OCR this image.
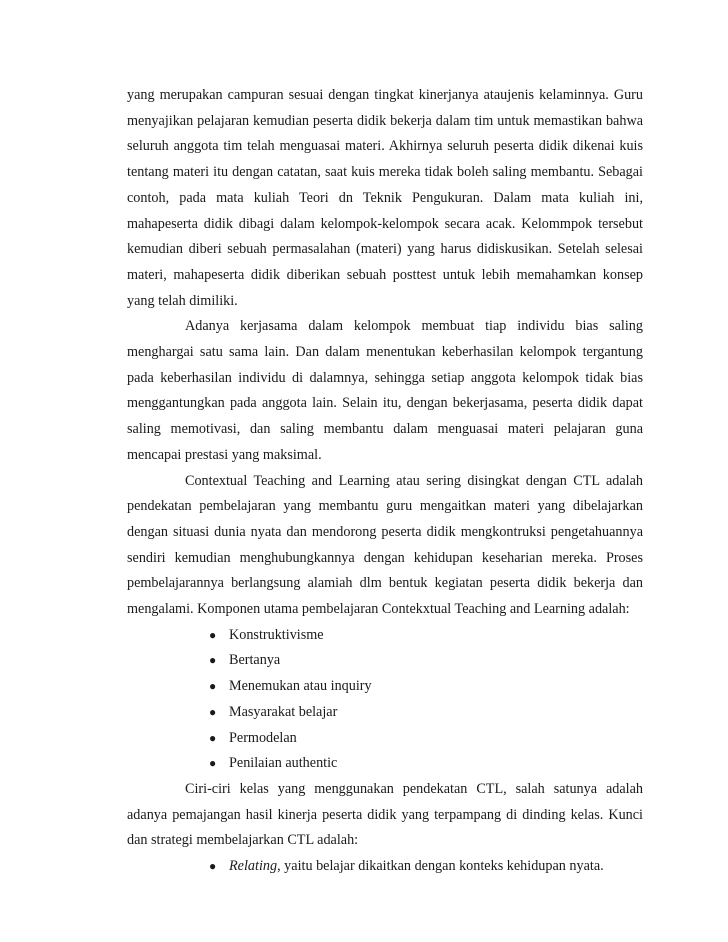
yang merupakan campuran sesuai dengan tingkat kinerjanya ataujenis kelaminnya. Guru menyajikan pelajaran kemudian peserta didik bekerja dalam tim untuk memastikan bahwa seluruh anggota tim telah menguasai materi. Akhirnya seluruh peserta didik dikenai kuis tentang materi itu dengan catatan, saat kuis mereka tidak boleh saling membantu. Sebagai contoh, pada mata kuliah Teori dn Teknik Pengukuran. Dalam mata kuliah ini, mahapeserta didik dibagi dalam kelompok-kelompok secara acak. Kelommpok tersebut kemudian diberi sebuah permasalahan (materi) yang harus didiskusikan. Setelah selesai materi, mahapeserta didik diberikan sebuah posttest untuk lebih memahamkan konsep yang telah dimiliki.

Adanya kerjasama dalam kelompok membuat tiap individu bias saling menghargai satu sama lain. Dan dalam menentukan keberhasilan kelompok tergantung pada keberhasilan individu di dalamnya, sehingga setiap anggota kelompok tidak bias menggantungkan pada anggota lain. Selain itu, dengan bekerjasama, peserta didik dapat saling memotivasi, dan saling membantu dalam menguasai materi pelajaran guna mencapai prestasi yang maksimal.

Contextual Teaching and Learning atau sering disingkat dengan CTL adalah pendekatan pembelajaran yang membantu guru mengaitkan materi yang dibelajarkan dengan situasi dunia nyata dan mendorong peserta didik mengkontruksi pengetahuannya sendiri kemudian menghubungkannya dengan kehidupan keseharian mereka. Proses pembelajarannya berlangsung alamiah dlm bentuk kegiatan peserta didik bekerja dan mengalami. Komponen utama pembelajaran Contekxtual Teaching and Learning adalah:

● Konstruktivisme
● Bertanya
● Menemukan atau inquiry
● Masyarakat belajar
● Permodelan
● Penilaian authentic

Ciri-ciri kelas yang menggunakan pendekatan CTL, salah satunya adalah adanya pemajangan hasil kinerja peserta didik yang terpampang di dinding kelas. Kunci dan strategi membelajarkan CTL adalah:

● Relating, yaitu belajar dikaitkan dengan konteks kehidupan nyata.
